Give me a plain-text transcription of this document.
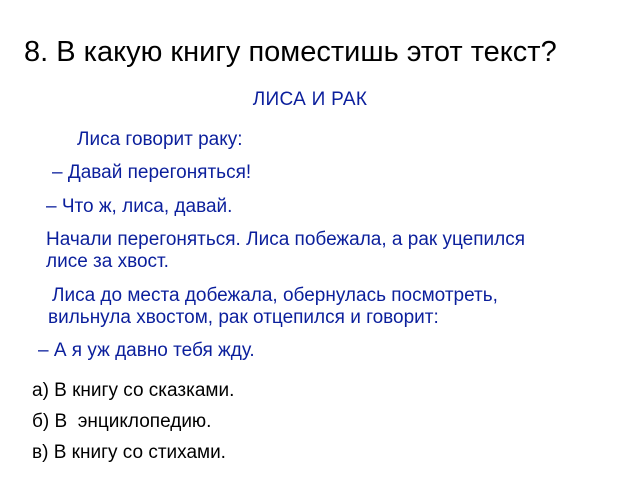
8. В какую книгу поместишь этот текст?
ЛИСА И РАК
Лиса говорит раку:
– Давай перегоняться!
– Что ж, лиса, давай.
Начали перегоняться. Лиса побежала, а рак уцепился
лисе за хвост.
Лиса до места добежала, обернулась посмотреть,
вильнула хвостом, рак отцепился и говорит:
– А я уж давно тебя жду.
а) В книгу со сказками.
б) В  энциклопедию.
в) В книгу со стихами.
